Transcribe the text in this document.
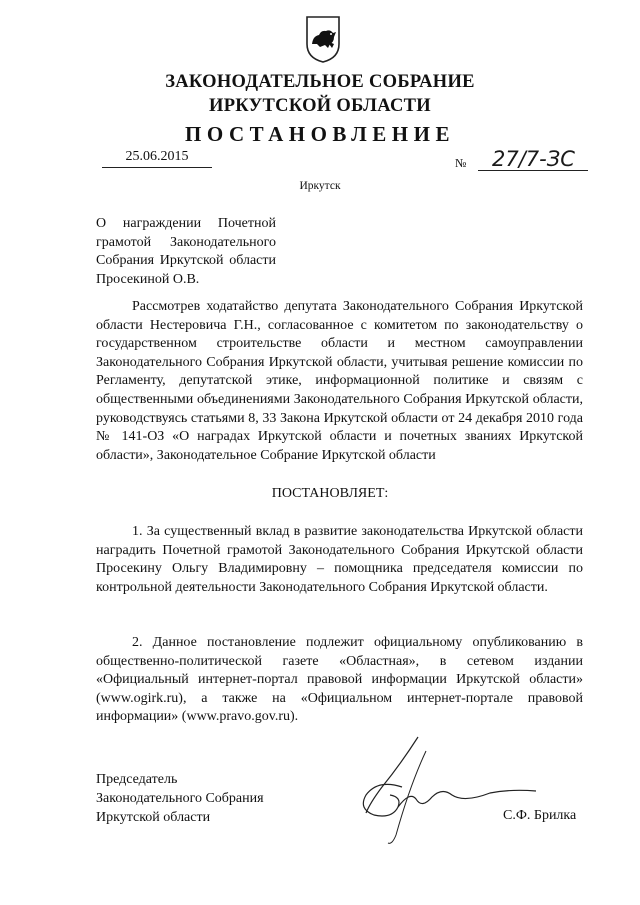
ЗАКОНОДАТЕЛЬНОЕ СОБРАНИЕ
ИРКУТСКОЙ ОБЛАСТИ
ПОСТАНОВЛЕНИЕ
25.06.2015	№	27/7-ЗС
Иркутск
О награждении Почетной грамотой Законодательного Собрания Иркутской области Просекиной О.В.

Рассмотрев ходатайство депутата Законодательного Собрания Иркутской области Нестеровича Г.Н., согласованное с комитетом по законодательству о государственном строительстве области и местном самоуправлении Законодательного Собрания Иркутской области, учитывая решение комиссии по Регламенту, депутатской этике, информационной политике и связям с общественными объединениями Законодательного Собрания Иркутской области, руководствуясь статьями 8, 33 Закона Иркутской области от 24 декабря 2010 года № 141-ОЗ «О наградах Иркутской области и почетных званиях Иркутской области», Законодательное Собрание Иркутской области

ПОСТАНОВЛЯЕТ:

1. За существенный вклад в развитие законодательства Иркутской области наградить Почетной грамотой Законодательного Собрания Иркутской области Просекину Ольгу Владимировну – помощника председателя комиссии по контрольной деятельности Законодательного Собрания Иркутской области.

2. Данное постановление подлежит официальному опубликованию в общественно-политической газете «Областная», в сетевом издании «Официальный интернет-портал правовой информации Иркутской области» (www.ogirk.ru), а также на «Официальном интернет-портале правовой информации» (www.pravo.gov.ru).

Председатель
Законодательного Собрания
Иркутской области	С.Ф. Брилка
